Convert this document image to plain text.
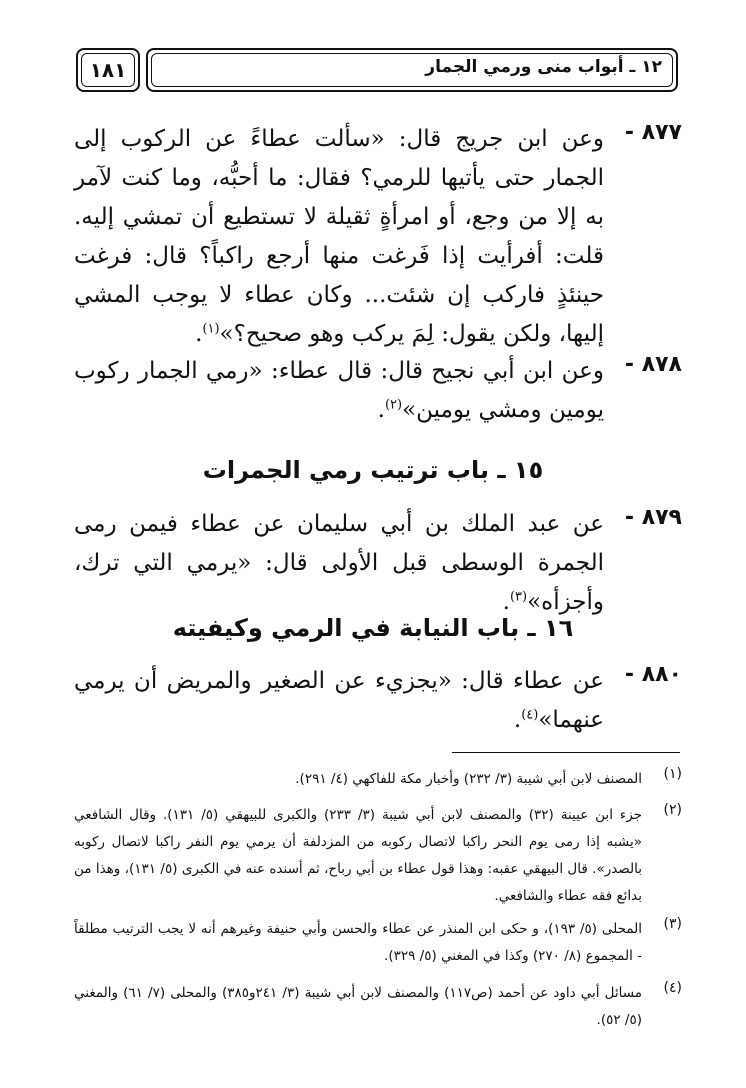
١٨١	١٢ ـ أبواب منى ورمي الجمار
٨٧٧ -
وعن ابن جريج قال: «سألت عطاءً عن الركوب إلى الجمار حتى يأتيها للرمي؟ فقال: ما أحبُّه، وما كنت لآمر به إلا من وجع، أو امرأةٍ ثقيلة لا تستطيع أن تمشي إليه. قلت: أفرأيت إذا فَرغت منها أرجع راكباً؟ قال: فرغت حينئذٍ فاركب إن شئت... وكان عطاء لا يوجب المشي إليها، ولكن يقول: لِمَ يركب وهو صحيح؟»$^{(١)}$.
٨٧٨ -
وعن ابن أبي نجيح قال: قال عطاء: «رمي الجمار ركوب يومين ومشي يومين»$^{(٢)}$.
١٥ ـ باب ترتيب رمي الجمرات
٨٧٩ -
عن عبد الملك بن أبي سليمان عن عطاء فيمن رمى الجمرة الوسطى قبل الأولى قال: «يرمي التي ترك، وأجزأه»$^{(٣)}$.
١٦ ـ باب النيابة في الرمي وكيفيته
٨٨٠ -
عن عطاء قال: «يجزيء عن الصغير والمريض أن يرمي عنهما»$^{(٤)}$.
(١)
المصنف لابن أبي شيبة (٣/ ٢٣٢) وأخبار مكة للفاكهي (٤/ ٢٩١).
(٢)
جزء ابن عيينة (٣٢) والمصنف لابن أبي شيبة (٣/ ٢٣٣) والكبرى للبيهقي (٥/ ١٣١). وقال الشافعي «يشبه إذا رمى يوم النحر راكبا لاتصال ركوبه من المزدلفة أن يرمي يوم النفر راكبا لاتصال ركوبه بالصدر». قال البيهقي عقبه: وهذا قول عطاء بن أبي رباح، ثم أسنده عنه في الكبرى (٥/ ١٣١)، وهذا من بدائع فقه عطاء والشافعي.
(٣)
المحلى (٥/ ١٩٣)، و حكى ابن المنذر عن عطاء والحسن وأبي حنيفة وغيرهم أنه لا يجب الترتيب مطلقاً - المجموع (٨/ ٢٧٠) وكذا في المغني (٥/ ٣٢٩).
(٤)
مسائل أبي داود عن أحمد (ص١١٧) والمصنف لابن أبي شيبة (٣/ ٢٤١و٣٨٥) والمحلى (٧/ ٦١) والمغني (٥/ ٥٢).
